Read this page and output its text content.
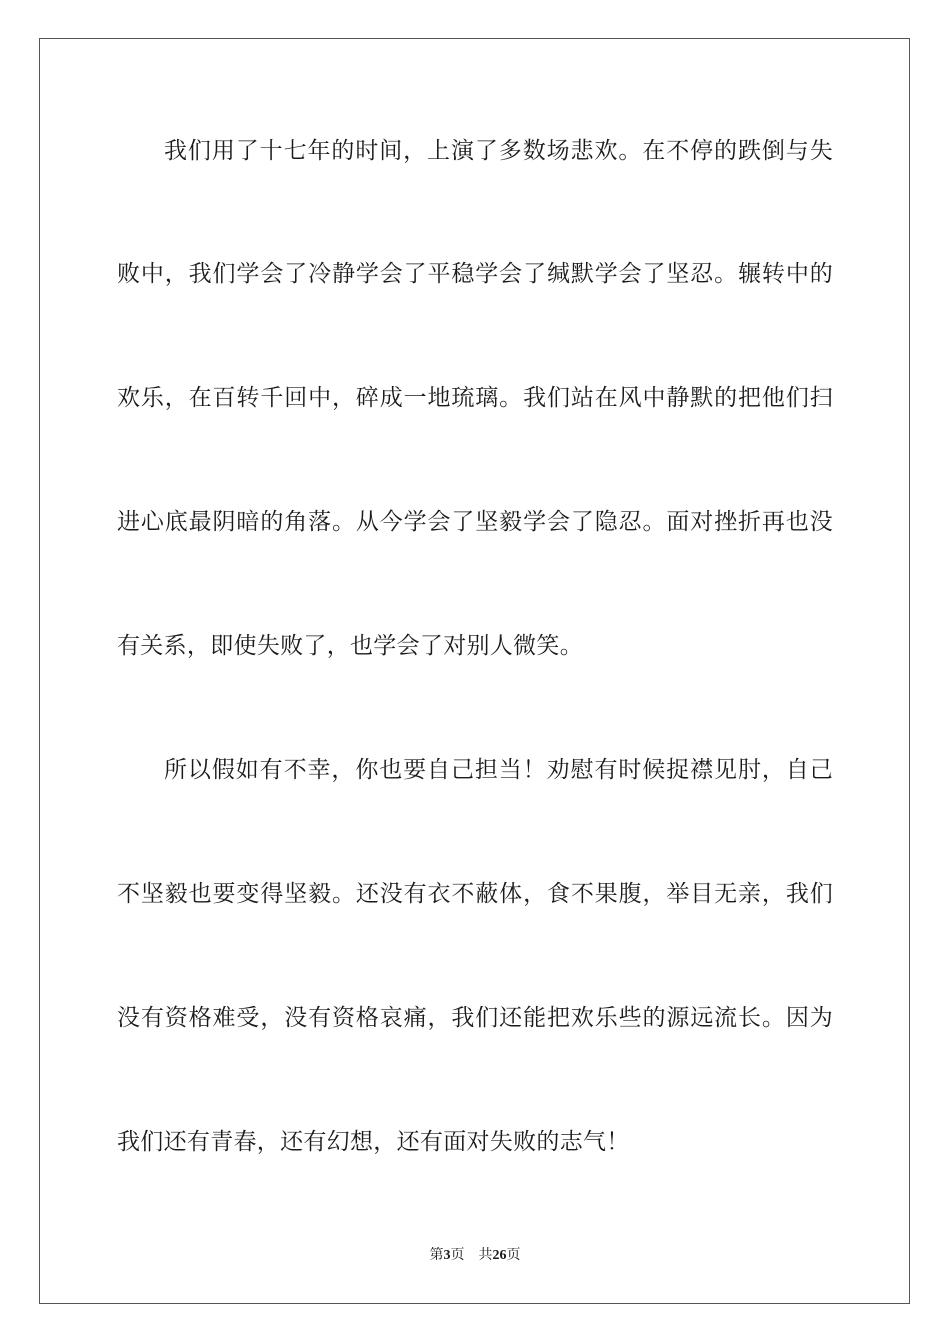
我们用了十七年的时间，上演了多数场悲欢。在不停的跌倒与失
败中，我们学会了冷静学会了平稳学会了缄默学会了坚忍。辗转中的
欢乐，在百转千回中，碎成一地琉璃。我们站在风中静默的把他们扫
进心底最阴暗的角落。从今学会了坚毅学会了隐忍。面对挫折再也没
有关系，即使失败了，也学会了对别人微笑。
所以假如有不幸，你也要自己担当！劝慰有时候捉襟见肘，自己
不坚毅也要变得坚毅。还没有衣不蔽体，食不果腹，举目无亲，我们
没有资格难受，没有资格哀痛，我们还能把欢乐些的源远流长。因为
我们还有青春，还有幻想，还有面对失败的志气！
第3页 共26页
